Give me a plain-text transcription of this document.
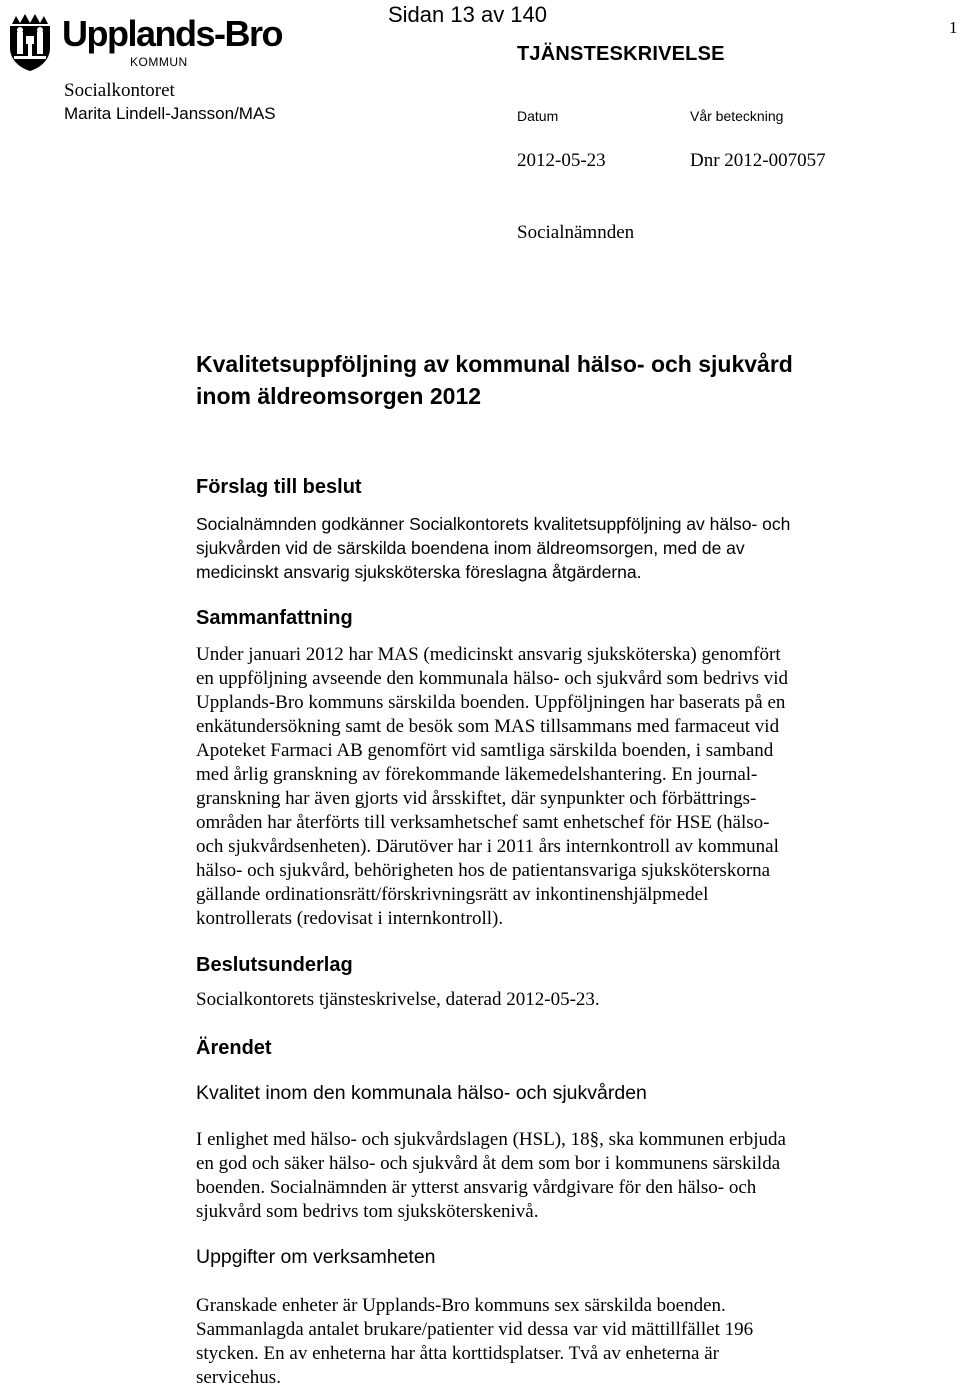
Upplands-Bro
KOMMUN
Socialkontoret
Marita Lindell-Jansson/MAS
Sidan 13 av 140
1
TJÄNSTESKRIVELSE
Datum	Vår beteckning
2012-05-23	Dnr 2012-007057
Socialnämnden
Kvalitetsuppföljning av kommunal hälso- och sjukvård
inom äldreomsorgen 2012
Förslag till beslut
Socialnämnden godkänner Socialkontorets kvalitetsuppföljning av hälso- och
sjukvården vid de särskilda boendena inom äldreomsorgen, med de av
medicinskt ansvarig sjuksköterska föreslagna åtgärderna.
Sammanfattning
Under januari 2012 har MAS (medicinskt ansvarig sjuksköterska) genomfört
en uppföljning avseende den kommunala hälso- och sjukvård som bedrivs vid
Upplands-Bro kommuns särskilda boenden. Uppföljningen har baserats på en
enkätundersökning samt de besök som MAS tillsammans med farmaceut vid
Apoteket Farmaci AB genomfört vid samtliga särskilda boenden, i samband
med årlig granskning av förekommande läkemedelshantering. En journal-
granskning har även gjorts vid årsskiftet, där synpunkter och förbättrings-
områden har återförts till verksamhetschef samt enhetschef för HSE (hälso-
och sjukvårdsenheten). Därutöver har i 2011 års internkontroll av kommunal
hälso- och sjukvård, behörigheten hos de patientansvariga sjuksköterskorna
gällande ordinationsrätt/förskrivningsrätt av inkontinenshjälpmedel
kontrollerats (redovisat i internkontroll).
Beslutsunderlag
Socialkontorets tjänsteskrivelse, daterad 2012-05-23.
Ärendet
Kvalitet inom den kommunala hälso- och sjukvården
I enlighet med hälso- och sjukvårdslagen (HSL), 18§, ska kommunen erbjuda
en god och säker hälso- och sjukvård åt dem som bor i kommunens särskilda
boenden. Socialnämnden är ytterst ansvarig vårdgivare för den hälso- och
sjukvård som bedrivs tom sjuksköterskenivå.
Uppgifter om verksamheten
Granskade enheter är Upplands-Bro kommuns sex särskilda boenden.
Sammanlagda antalet brukare/patienter vid dessa var vid mättillfället 196
stycken. En av enheterna har åtta korttidsplatser. Två av enheterna är
servicehus.
